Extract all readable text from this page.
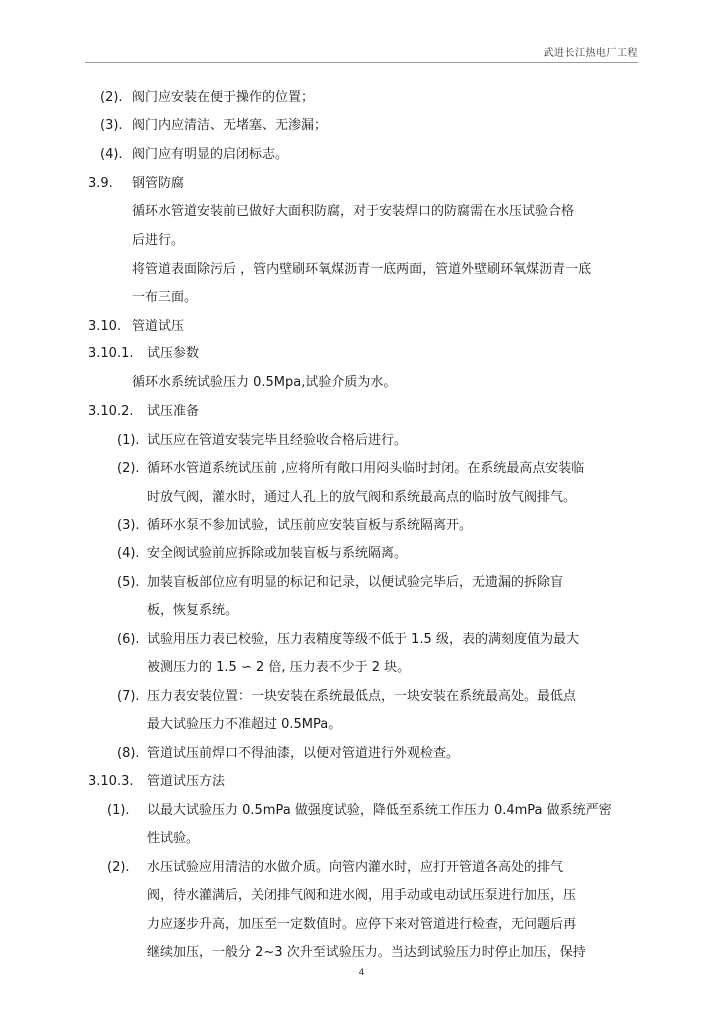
武进长江热电厂工程
(2). 阀门应安装在便于操作的位置；
(3). 阀门内应清洁、无堵塞、无渗漏；
(4). 阀门应有明显的启闭标志。
3.9. 钢管防腐
循环水管道安装前已做好大面积防腐，对于安装焊口的防腐需在水压试验合格
后进行。
将管道表面除污后 ，管内壁刷环氧煤沥青一底两面，管道外壁刷环氧煤沥青一底
一布三面。
3.10. 管道试压
3.10.1. 试压参数
循环水系统试验压力 0.5Mpa,试验介质为水。
3.10.2. 试压准备
(1). 试压应在管道安装完毕且经验收合格后进行。
(2). 循环水管道系统试压前 ,应将所有敞口用闷头临时封闭。在系统最高点安装临
时放气阀，灌水时，通过人孔上的放气阀和系统最高点的临时放气阀排气。
(3). 循环水泵不参加试验，试压前应安装盲板与系统隔离开。
(4). 安全阀试验前应拆除或加装盲板与系统隔离。
(5). 加装盲板部位应有明显的标记和记录，以便试验完毕后，无遗漏的拆除盲
板，恢复系统。
(6). 试验用压力表已校验，压力表精度等级不低于 1.5 级，表的满刻度值为最大
被测压力的 1.5 ∽ 2 倍, 压力表不少于 2 块。
(7). 压力表安装位置：一块安装在系统最低点，一块安装在系统最高处。最低点
最大试验压力不准超过 0.5MPa。
(8). 管道试压前焊口不得油漆，以便对管道进行外观检查。
3.10.3. 管道试压方法
(1). 以最大试验压力 0.5mPa 做强度试验，降低至系统工作压力 0.4mPa 做系统严密
性试验。
(2). 水压试验应用清洁的水做介质。向管内灌水时，应打开管道各高处的排气
阀，待水灌满后，关闭排气阀和进水阀，用手动或电动试压泵进行加压，压
力应逐步升高，加压至一定数值时。应停下来对管道进行检查，无问题后再
继续加压，一般分 2~3 次升至试验压力。当达到试验压力时停止加压，保持
4
